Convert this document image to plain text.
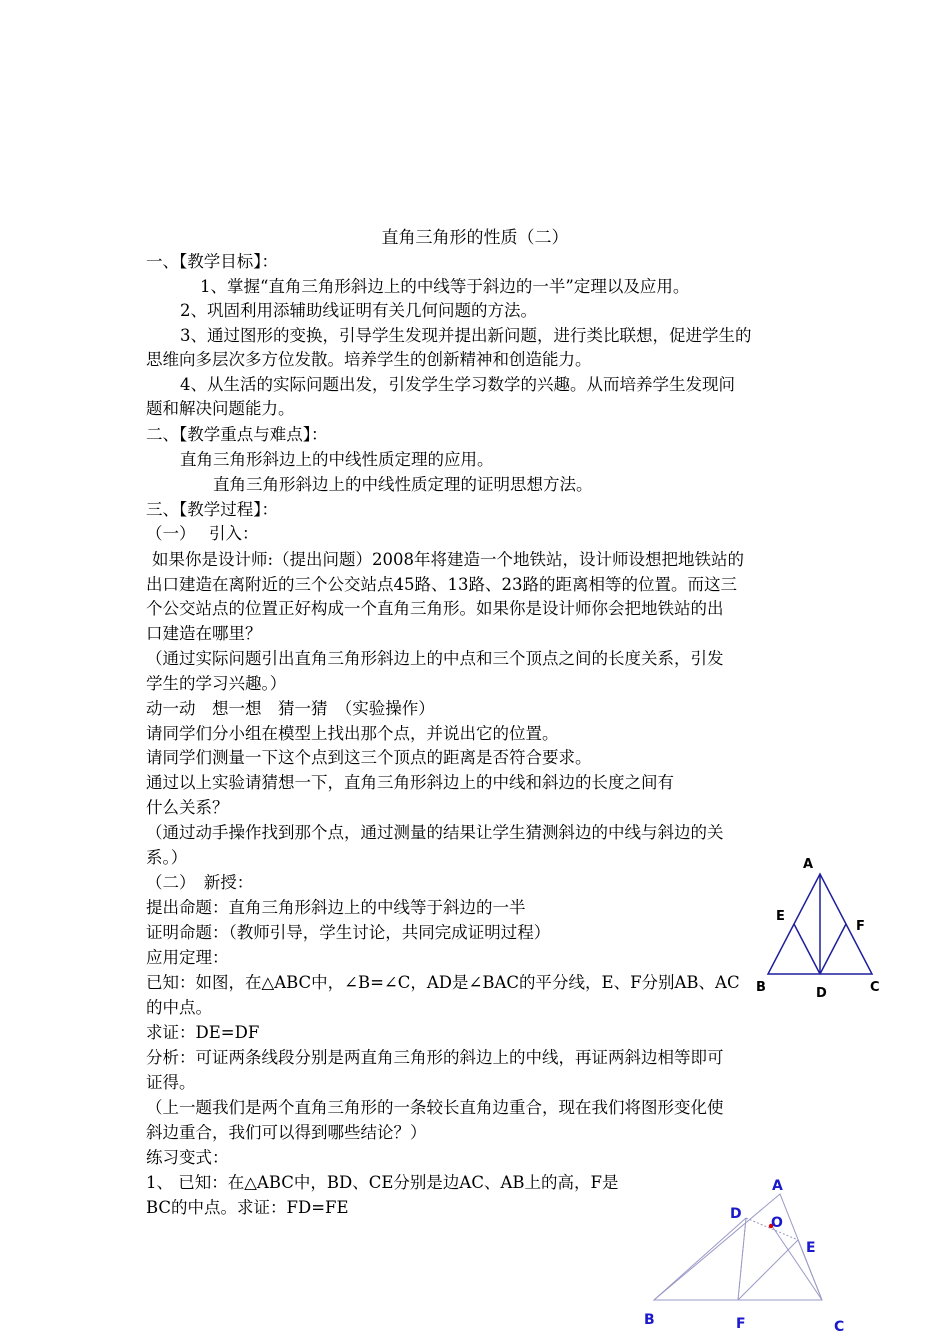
直角三角形的性质（二）
一、【教学目标】：
1、掌握“直角三角形斜边上的中线等于斜边的一半”定理以及应用。
2、巩固利用添辅助线证明有关几何问题的方法。
3、通过图形的变换，引导学生发现并提出新问题，进行类比联想，促进学生的
思维向多层次多方位发散。培养学生的创新精神和创造能力。
4、从生活的实际问题出发，引发学生学习数学的兴趣。从而培养学生发现问
题和解决问题能力。
二、【教学重点与难点】：
直角三角形斜边上的中线性质定理的应用。
直角三角形斜边上的中线性质定理的证明思想方法。
三、【教学过程】：
（一）　 引入：
如果你是设计师:（提出问题）2008年将建造一个地铁站，设计师设想把地铁站的
出口建造在离附近的三个公交站点45路、13路、23路的距离相等的位置。而这三
个公交站点的位置正好构成一个直角三角形。如果你是设计师你会把地铁站的出
口建造在哪里？
（通过实际问题引出直角三角形斜边上的中点和三个顶点之间的长度关系，引发
学生的学习兴趣。）
动一动　想一想　猜一猜　（实验操作）
请同学们分小组在模型上找出那个点，并说出它的位置。
请同学们测量一下这个点到这三个顶点的距离是否符合要求。
通过以上实验请猜想一下，直角三角形斜边上的中线和斜边的长度之间有
什么关系？
（通过动手操作找到那个点，通过测量的结果让学生猜测斜边的中线与斜边的关
系。）
（二）　新授：
提出命题：直角三角形斜边上的中线等于斜边的一半
证明命题：（教师引导，学生讨论，共同完成证明过程）
应用定理：
已知：如图，在△ABC中，∠B=∠C，AD是∠BAC的平分线，E、F分别AB、AC
的中点。
求证：DE=DF
分析：可证两条线段分别是两直角三角形的斜边上的中线，再证两斜边相等即可
证得。
（上一题我们是两个直角三角形的一条较长直角边重合，现在我们将图形变化使
斜边重合，我们可以得到哪些结论？）
练习变式：
1、 已知：在△ABC中，BD、CE分别是边AC、AB上的高，F是
BC的中点。求证：FD=FE
A
E
F
B	D	C
A
D
O
E
B	F	C
